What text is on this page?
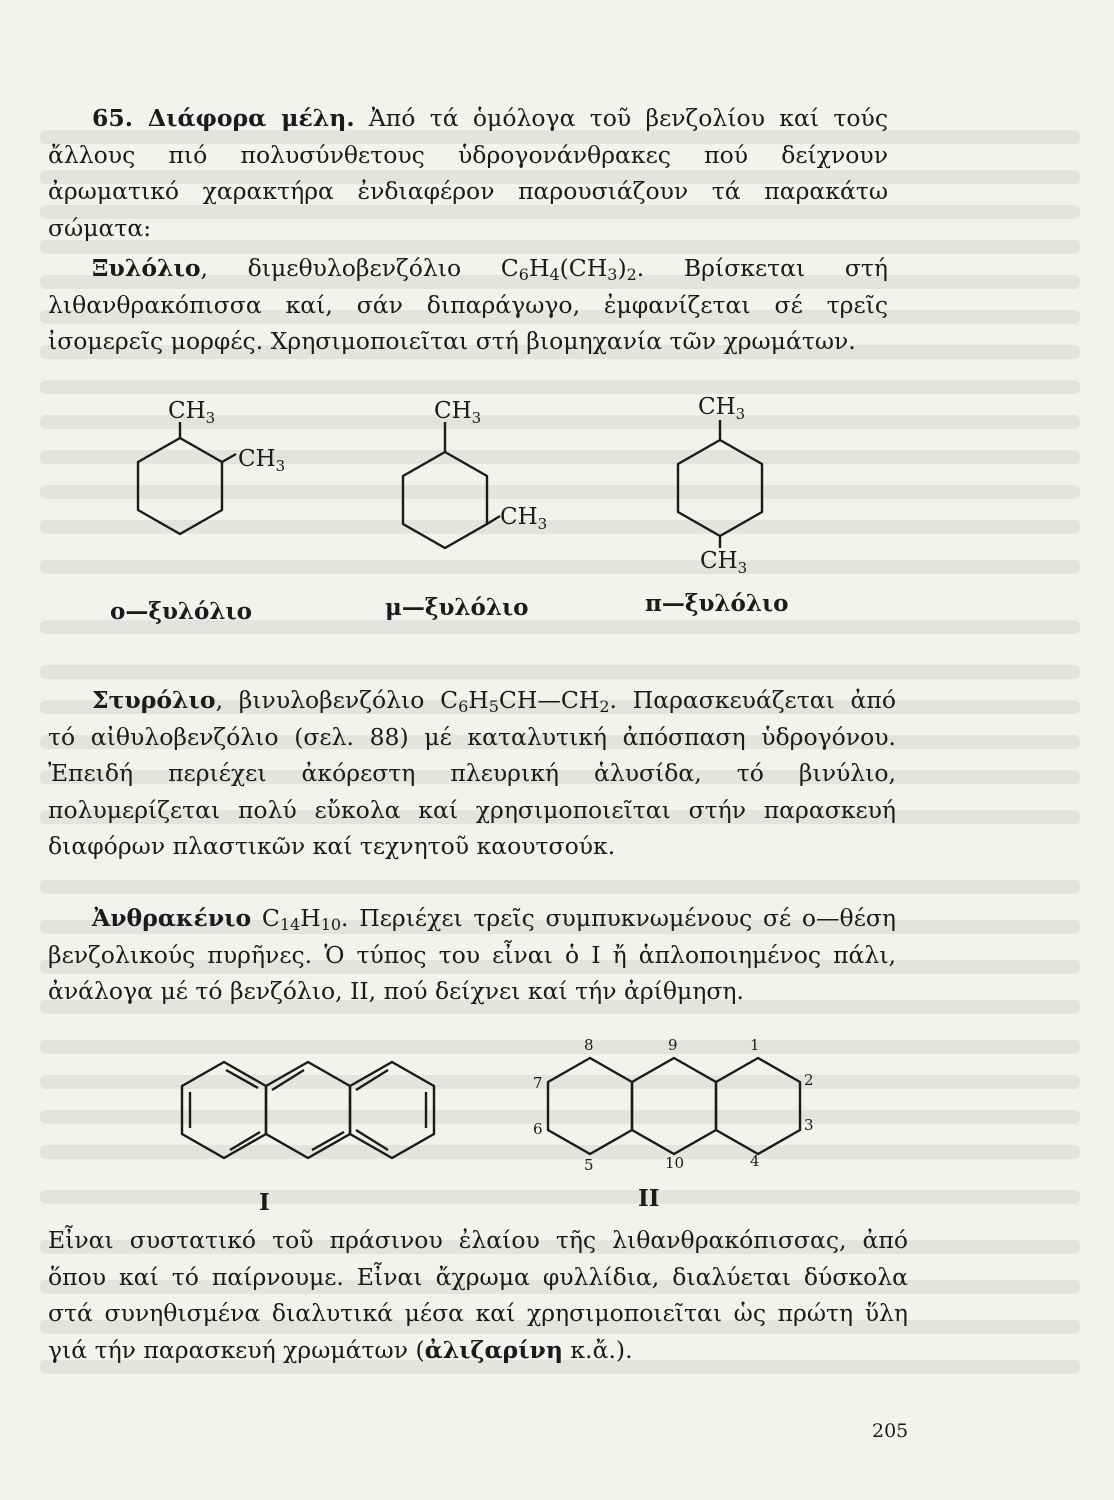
65. Διάφορα μέλη. Ἀπό τά ὁμόλογα τοῦ βενζολίου καί τούς ἄλλους πιό πολυσύνθετους ὑδρογονάνθρακες πού δείχνουν ἀρωματικό χαρακτήρα ἐνδιαφέρον παρουσιάζουν τά παρακάτω σώματα:

Ξυλόλιο, διμεθυλοβενζόλιο $C_6H_4(CH_3)_2$. Βρίσκεται στή λιθανθρακόπισσα καί, σάν διπαράγωγο, ἐμφανίζεται σέ τρεῖς ἰσομερεῖς μορφές. Χρησιμοποιεῖται στή βιομηχανία τῶν χρωμάτων.

$CH_3$
$CH_3$
$CH_3$
$CH_3$
$CH_3$
$CH_3$

ο—ξυλόλιο	μ—ξυλόλιο	π—ξυλόλιο

Στυρόλιο, βινυλοβενζόλιο $C_6H_5CH—CH_2$. Παρασκευάζεται ἀπό τό αἰθυλοβενζόλιο (σελ. 88) μέ καταλυτική ἀπόσπαση ὑδρογόνου. Ἐπειδή περιέχει ἀκόρεστη πλευρική ἁλυσίδα, τό βινύλιο, πολυμερίζεται πολύ εὔκολα καί χρησιμοποιεῖται στήν παρασκευή διαφόρων πλαστικῶν καί τεχνητοῦ καουτσούκ.

Ἀνθρακένιο $C_{14}H_{10}$. Περιέχει τρεῖς συμπυκνωμένους σέ ο—θέση βενζολικούς πυρῆνες. Ὁ τύπος του εἶναι ὁ Ι ἤ ἁπλοποιημένος πάλι, ἀνάλογα μέ τό βενζόλιο, ΙΙ, πού δείχνει καί τήν ἀρίθμηση.

8	9	1
7	2
6	3
5	10	4
I	II

Εἶναι συστατικό τοῦ πράσινου ἐλαίου τῆς λιθανθρακόπισσας, ἀπό ὅπου καί τό παίρνουμε. Εἶναι ἄχρωμα φυλλίδια, διαλύεται δύσκολα στά συνηθισμένα διαλυτικά μέσα καί χρησιμοποιεῖται ὡς πρώτη ὕλη γιά τήν παρασκευή χρωμάτων (ἀλιζαρίνη κ.ἄ.).

205
